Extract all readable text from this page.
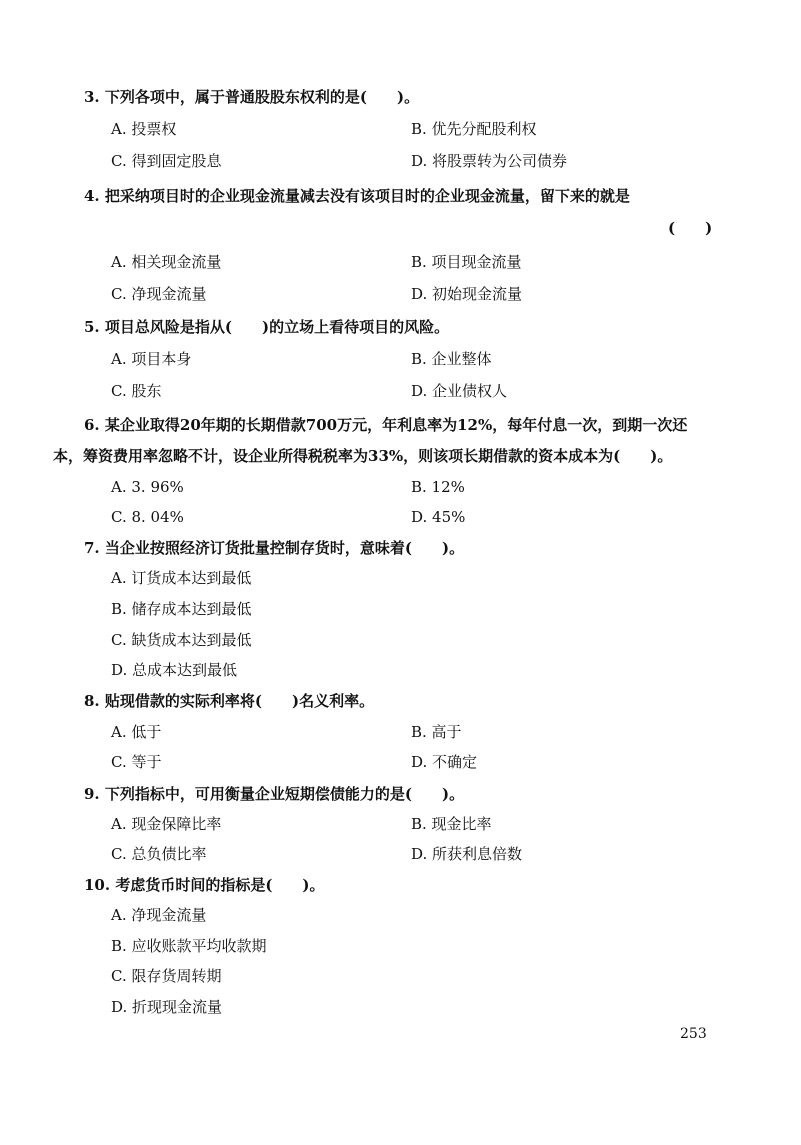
3. 下列各项中，属于普通股股东权利的是(　　)。
A. 投票权	B. 优先分配股利权
C. 得到固定股息	D. 将股票转为公司债券
4. 把采纳项目时的企业现金流量减去没有该项目时的企业现金流量，留下来的就是
(　　)
A. 相关现金流量	B. 项目现金流量
C. 净现金流量	D. 初始现金流量
5. 项目总风险是指从(　　)的立场上看待项目的风险。
A. 项目本身	B. 企业整体
C. 股东	D. 企业债权人
6. 某企业取得20年期的长期借款700万元，年利息率为12%，每年付息一次，到期一次还
本，筹资费用率忽略不计，设企业所得税税率为33%，则该项长期借款的资本成本为(　　)。
A. 3. 96%	B. 12%
C. 8. 04%	D. 45%
7. 当企业按照经济订货批量控制存货时，意味着(　　)。
A. 订货成本达到最低
B. 储存成本达到最低
C. 缺货成本达到最低
D. 总成本达到最低
8. 贴现借款的实际利率将(　　)名义利率。
A. 低于	B. 高于
C. 等于	D. 不确定
9. 下列指标中，可用衡量企业短期偿债能力的是(　　)。
A. 现金保障比率	B. 现金比率
C. 总负债比率	D. 所获利息倍数
10. 考虑货币时间的指标是(　　)。
A. 净现金流量
B. 应收账款平均收款期
C. 限存货周转期
D. 折现现金流量
253
